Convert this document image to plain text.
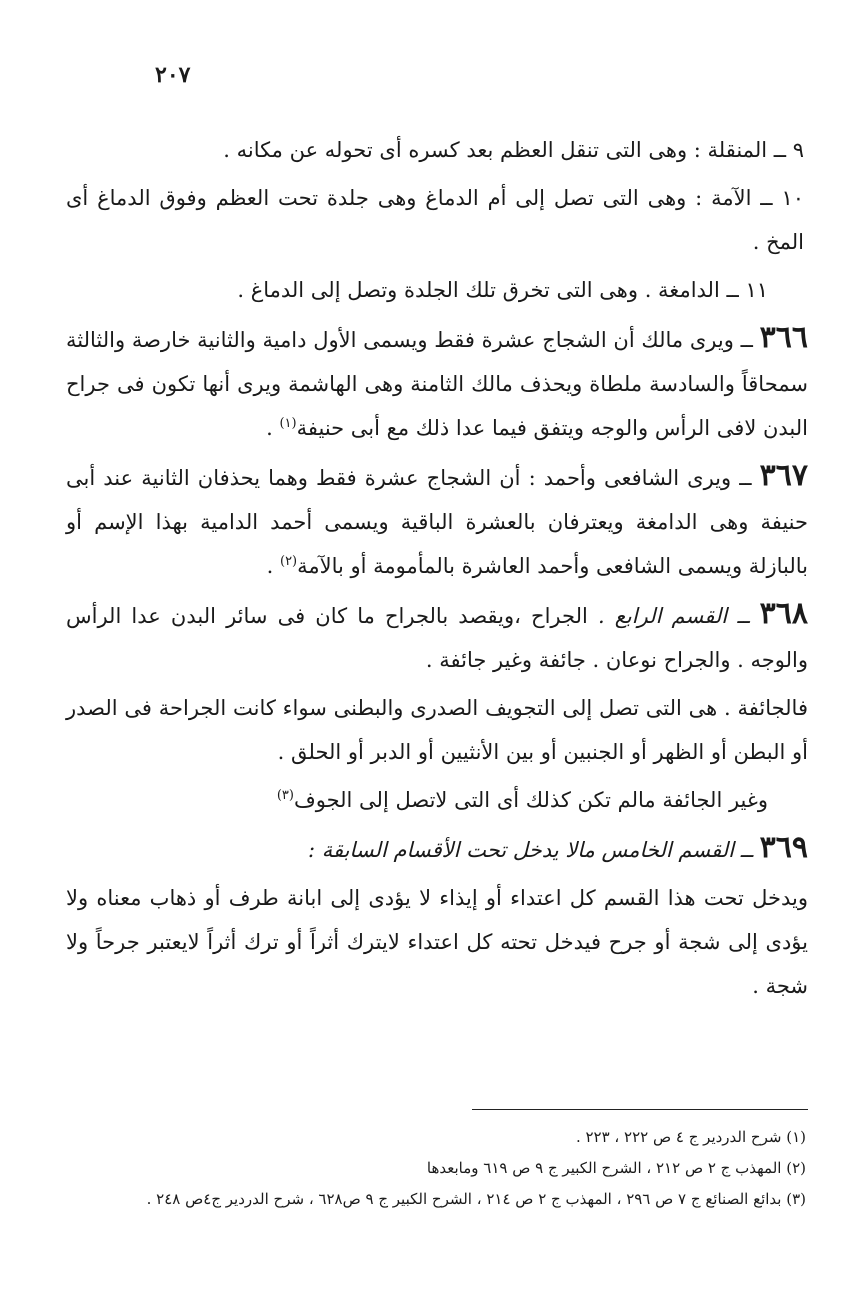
٢٠٧

٩ ــ المنقلة : وهى التى تنقل العظم بعد كسره أى تحوله عن مكانه .

١٠ ــ الآمة : وهى التى تصل إلى أم الدماغ وهى جلدة تحت العظم وفوق الدماغ أى المخ .

١١ ــ الدامغة . وهى التى تخرق تلك الجلدة وتصل إلى الدماغ .

٣٦٦ ــ ويرى مالك أن الشجاج عشرة فقط ويسمى الأول دامية والثانية خارصة والثالثة سمحاقاً والسادسة ملطاة ويحذف مالك الثامنة وهى الهاشمة ويرى أنها تكون فى جراح البدن لافى الرأس والوجه ويتفق فيما عدا ذلك مع أبى حنيفة$^{(١)}$ .

٣٦٧ ــ ويرى الشافعى وأحمد : أن الشجاج عشرة فقط وهما يحذفان الثانية عند أبى حنيفة وهى الدامغة ويعترفان بالعشرة الباقية ويسمى أحمد الدامية بهذا الإسم أو بالبازلة ويسمى الشافعى وأحمد العاشرة بالمأمومة أو بالآمة$^{(٢)}$ .

٣٦٨ ــ القسم الرابع . الجراح ،ويقصد بالجراح ما كان فى سائر البدن عدا الرأس والوجه . والجراح نوعان . جائفة وغير جائفة .

فالجائفة . هى التى تصل إلى التجويف الصدرى والبطنى سواء كانت الجراحة فى الصدر أو البطن أو الظهر أو الجنبين أو بين الأنثيين أو الدبر أو الحلق .

وغير الجائفة مالم تكن كذلك أى التى لاتصل إلى الجوف$^{(٣)}$

٣٦٩ ــ القسم الخامس مالا يدخل تحت الأقسام السابقة :

ويدخل تحت هذا القسم كل اعتداء أو إيذاء لا يؤدى إلى ابانة طرف أو ذهاب معناه ولا يؤدى إلى شجة أو جرح فيدخل تحته كل اعتداء لايترك أثراً أو ترك أثراً لايعتبر جرحاً ولا شجة .

(١) شرح الدردير ج ٤ ص ٢٢٢ ، ٢٢٣ .

(٢) المهذب ج ٢ ص ٢١٢ ، الشرح الكبير ج ٩ ص ٦١٩ ومابعدها

(٣) بدائع الصنائع ج ٧ ص ٢٩٦ ، المهذب ج ٢ ص ٢١٤ ، الشرح الكبير ج ٩ ص٦٢٨ ، شرح الدردير ج٤ص ٢٤٨ .
